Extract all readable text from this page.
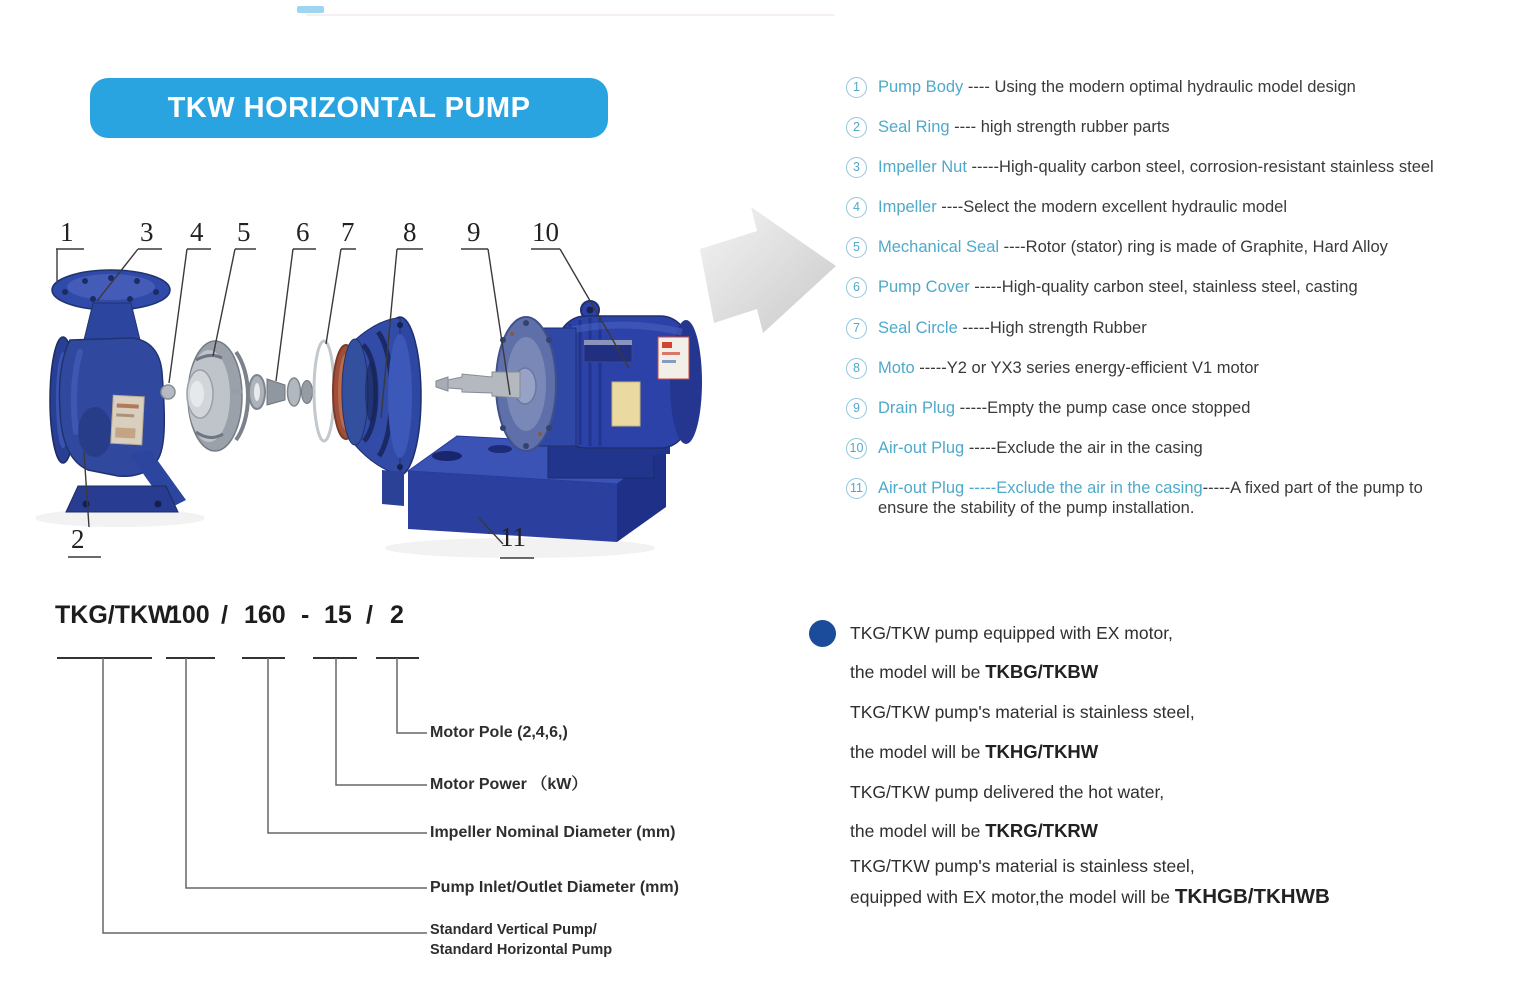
TKW HORIZONTAL PUMP
1 3 4 5 6 7 8 9 10
2	11
1	Pump Body ---- Using the modern optimal hydraulic model design
2	Seal Ring ---- high strength rubber parts
3	Impeller Nut -----High-quality carbon steel, corrosion-resistant stainless steel
4	Impeller ----Select the modern excellent hydraulic model
5	Mechanical Seal ----Rotor (stator) ring is made of Graphite, Hard Alloy
6	Pump Cover -----High-quality carbon steel, stainless steel, casting
7	Seal Circle -----High strength Rubber
8	Moto -----Y2 or YX3 series energy-efficient V1 motor
9	Drain Plug -----Empty the pump case once stopped
10 Air-out Plug -----Exclude the air in the casing
11 Air-out Plug -----Exclude the air in the casing-----A fixed part of the pump to
ensure the stability of the pump installation.
TKG/TKW
100 / 160 - 15 / 2
Motor Pole (2,4,6,)
Motor Power （kW）
Impeller Nominal Diameter (mm)
Pump Inlet/Outlet Diameter (mm)
Standard Vertical Pump/
Standard Horizontal Pump
TKG/TKW pump equipped with EX motor,
the model will be TKBG/TKBW
TKG/TKW pump's material is stainless steel,
the model will be TKHG/TKHW
TKG/TKW pump delivered the hot water,
the model will be TKRG/TKRW
TKG/TKW pump's material is stainless steel,
equipped with EX motor,the model will be TKHGB/TKHWB
